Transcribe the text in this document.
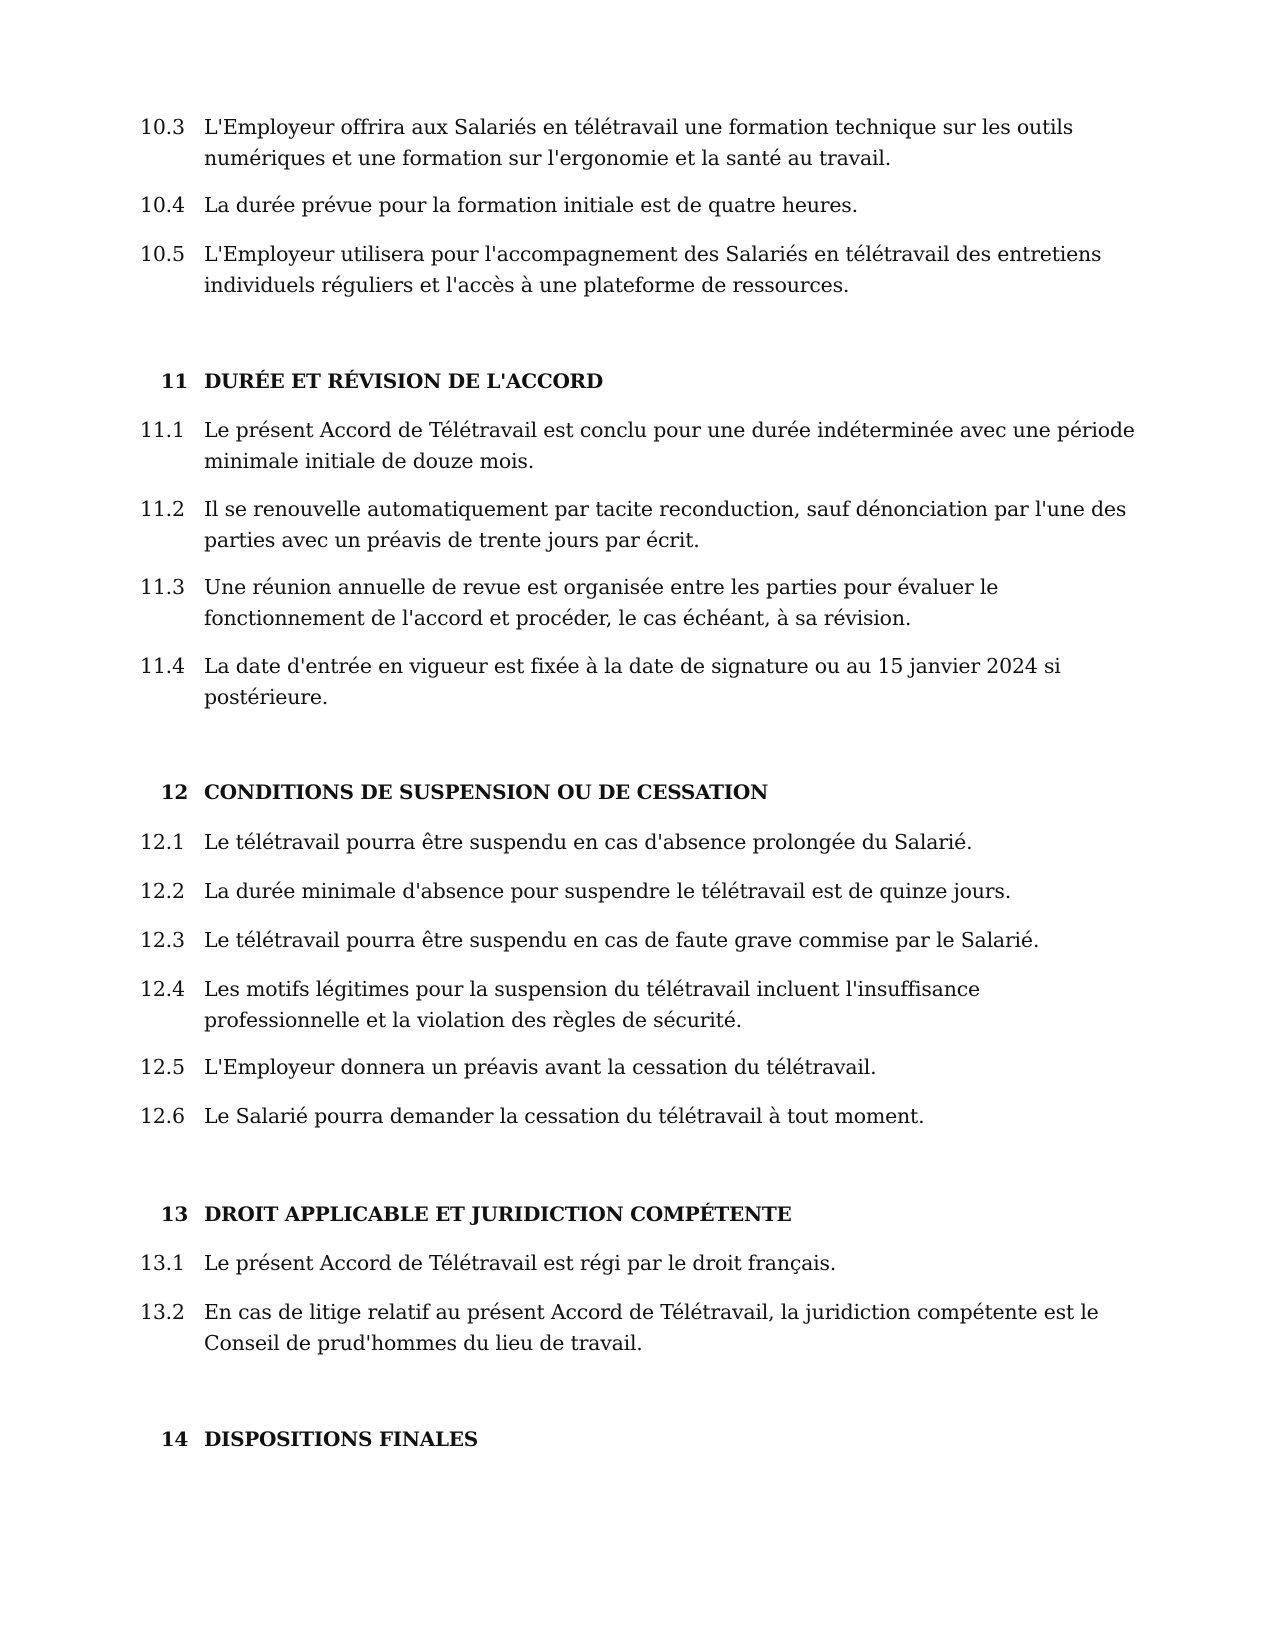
10.3 L'Employeur offrira aux Salariés en télétravail une formation technique sur les outils numériques et une formation sur l'ergonomie et la santé au travail.
10.4 La durée prévue pour la formation initiale est de quatre heures.
10.5 L'Employeur utilisera pour l'accompagnement des Salariés en télétravail des entretiens individuels réguliers et l'accès à une plateforme de ressources.
11 DURÉE ET RÉVISION DE L'ACCORD
11.1 Le présent Accord de Télétravail est conclu pour une durée indéterminée avec une période minimale initiale de douze mois.
11.2 Il se renouvelle automatiquement par tacite reconduction, sauf dénonciation par l'une des parties avec un préavis de trente jours par écrit.
11.3 Une réunion annuelle de revue est organisée entre les parties pour évaluer le fonctionnement de l'accord et procéder, le cas échéant, à sa révision.
11.4 La date d'entrée en vigueur est fixée à la date de signature ou au 15 janvier 2024 si postérieure.
12 CONDITIONS DE SUSPENSION OU DE CESSATION
12.1 Le télétravail pourra être suspendu en cas d'absence prolongée du Salarié.
12.2 La durée minimale d'absence pour suspendre le télétravail est de quinze jours.
12.3 Le télétravail pourra être suspendu en cas de faute grave commise par le Salarié.
12.4 Les motifs légitimes pour la suspension du télétravail incluent l'insuffisance professionnelle et la violation des règles de sécurité.
12.5 L'Employeur donnera un préavis avant la cessation du télétravail.
12.6 Le Salarié pourra demander la cessation du télétravail à tout moment.
13 DROIT APPLICABLE ET JURIDICTION COMPÉTENTE
13.1 Le présent Accord de Télétravail est régi par le droit français.
13.2 En cas de litige relatif au présent Accord de Télétravail, la juridiction compétente est le Conseil de prud'hommes du lieu de travail.
14 DISPOSITIONS FINALES
